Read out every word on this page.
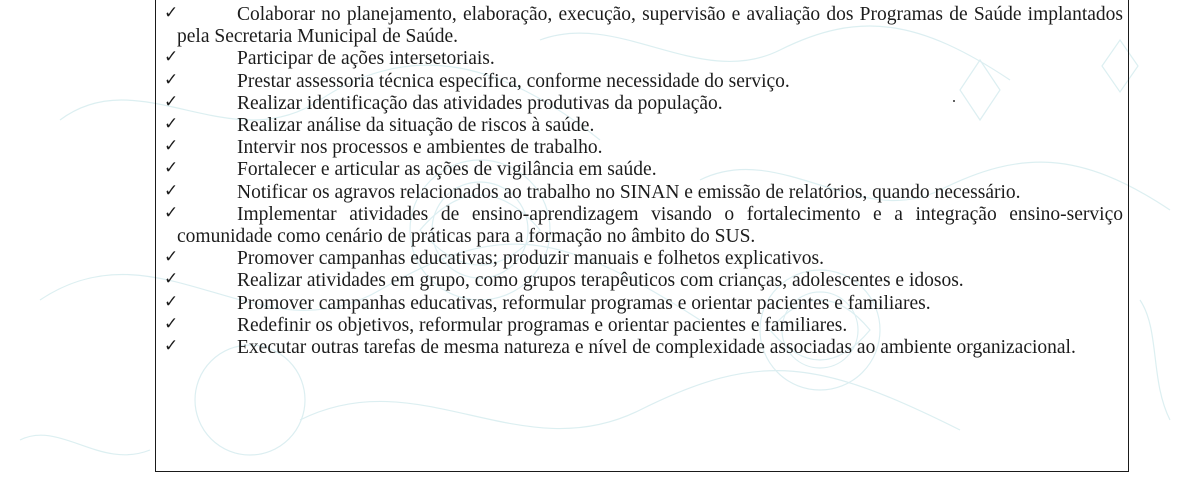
✓	Colaborar no planejamento, elaboração, execução, supervisão e avaliação dos Programas de Saúde implantados pela Secretaria Municipal de Saúde.
✓	Participar de ações intersetoriais.
✓	Prestar assessoria técnica específica, conforme necessidade do serviço.
✓	Realizar identificação das atividades produtivas da população.
✓	Realizar análise da situação de riscos à saúde.
✓	Intervir nos processos e ambientes de trabalho.
✓	Fortalecer e articular as ações de vigilância em saúde.
✓	Notificar os agravos relacionados ao trabalho no SINAN e emissão de relatórios, quando necessário.
✓	Implementar atividades de ensino-aprendizagem visando o fortalecimento e a integração ensino-serviço comunidade como cenário de práticas para a formação no âmbito do SUS.
✓	Promover campanhas educativas; produzir manuais e folhetos explicativos.
✓	Realizar atividades em grupo, como grupos terapêuticos com crianças, adolescentes e idosos.
✓	Promover campanhas educativas, reformular programas e orientar pacientes e familiares.
✓	Redefinir os objetivos, reformular programas e orientar pacientes e familiares.
✓	Executar outras tarefas de mesma natureza e nível de complexidade associadas ao ambiente organizacional.
